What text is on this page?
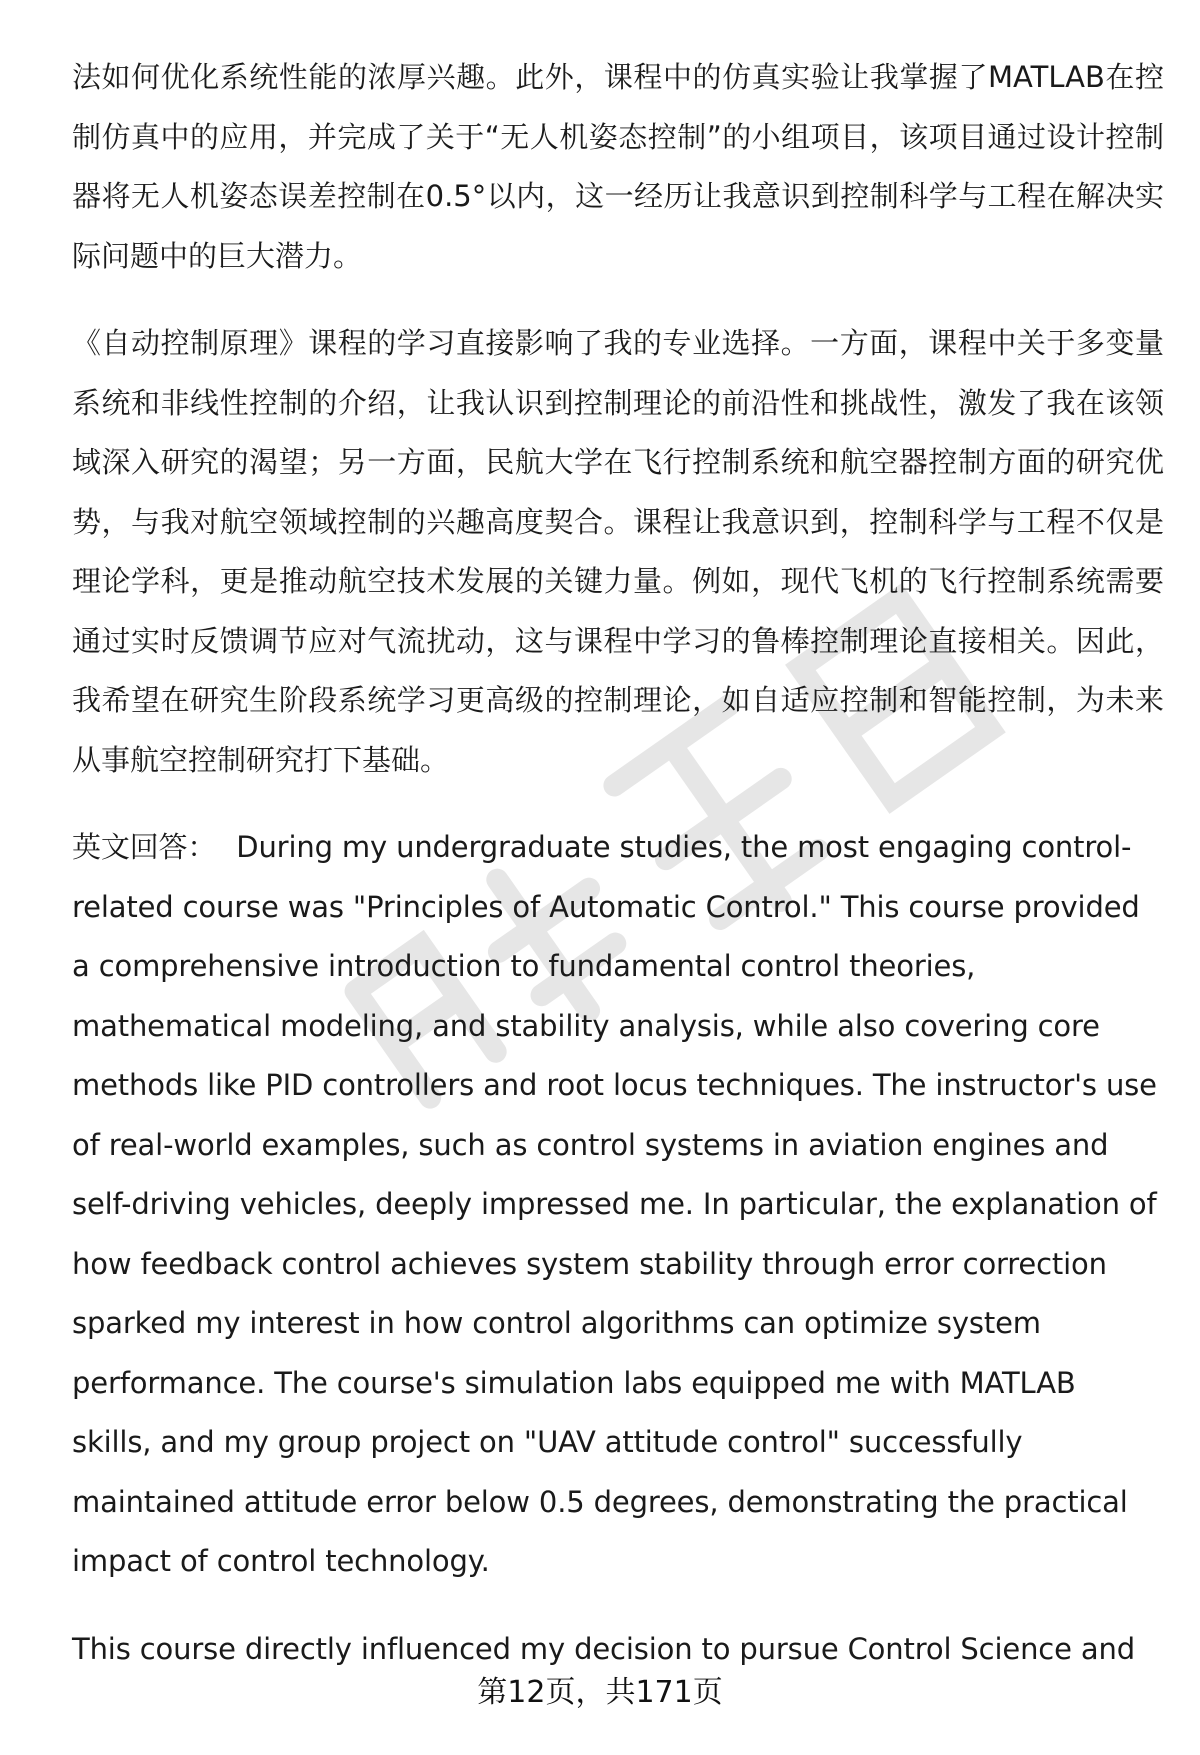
法如何优化系统性能的浓厚兴趣。此外，课程中的仿真实验让我掌握了MATLAB在控制仿真中的应用，并完成了关于“无人机姿态控制”的小组项目，该项目通过设计控制器将无人机姿态误差控制在0.5°以内，这一经历让我意识到控制科学与工程在解决实际问题中的巨大潜力。

《自动控制原理》课程的学习直接影响了我的专业选择。一方面，课程中关于多变量系统和非线性控制的介绍，让我认识到控制理论的前沿性和挑战性，激发了我在该领域深入研究的渴望；另一方面，民航大学在飞行控制系统和航空器控制方面的研究优势，与我对航空领域控制的兴趣高度契合。课程让我意识到，控制科学与工程不仅是理论学科，更是推动航空技术发展的关键力量。例如，现代飞机的飞行控制系统需要通过实时反馈调节应对气流扰动，这与课程中学习的鲁棒控制理论直接相关。因此，我希望在研究生阶段系统学习更高级的控制理论，如自适应控制和智能控制，为未来从事航空控制研究打下基础。

英文回答： During my undergraduate studies, the most engaging control-related course was "Principles of Automatic Control." This course provided a comprehensive introduction to fundamental control theories, mathematical modeling, and stability analysis, while also covering core methods like PID controllers and root locus techniques. The instructor's use of real-world examples, such as control systems in aviation engines and self-driving vehicles, deeply impressed me. In particular, the explanation of how feedback control achieves system stability through error correction sparked my interest in how control algorithms can optimize system performance. The course's simulation labs equipped me with MATLAB skills, and my group project on "UAV attitude control" successfully maintained attitude error below 0.5 degrees, demonstrating the practical impact of control technology.

This course directly influenced my decision to pursue Control Science and

第12页，共171页
